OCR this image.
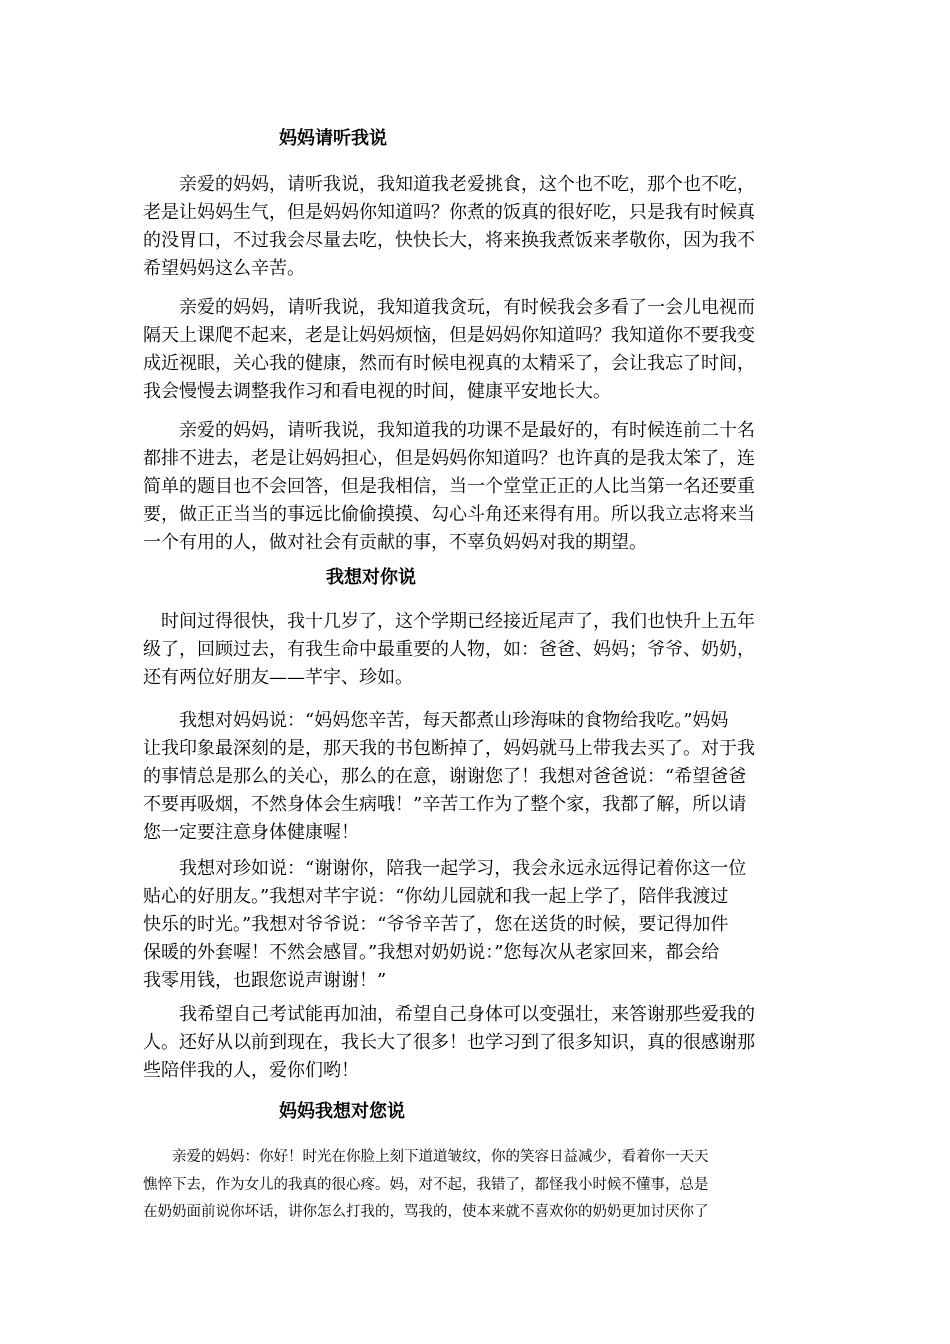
妈妈请听我说

　　亲爱的妈妈，请听我说，我知道我老爱挑食，这个也不吃，那个也不吃，
老是让妈妈生气，但是妈妈你知道吗？你煮的饭真的很好吃，只是我有时候真
的没胃口，不过我会尽量去吃，快快长大，将来换我煮饭来孝敬你，因为我不
希望妈妈这么辛苦。

　　亲爱的妈妈，请听我说，我知道我贪玩，有时候我会多看了一会儿电视而
隔天上课爬不起来，老是让妈妈烦恼，但是妈妈你知道吗？我知道你不要我变
成近视眼，关心我的健康，然而有时候电视真的太精采了，会让我忘了时间，
我会慢慢去调整我作习和看电视的时间，健康平安地长大。

　　亲爱的妈妈，请听我说，我知道我的功课不是最好的，有时候连前二十名
都排不进去，老是让妈妈担心，但是妈妈你知道吗？也许真的是我太笨了，连
简单的题目也不会回答，但是我相信，当一个堂堂正正的人比当第一名还要重
要，做正正当当的事远比偷偷摸摸、勾心斗角还来得有用。所以我立志将来当
一个有用的人，做对社会有贡献的事，不辜负妈妈对我的期望。

我想对你说

　时间过得很快，我十几岁了，这个学期已经接近尾声了，我们也快升上五年
级了，回顾过去，有我生命中最重要的人物，如：爸爸、妈妈；爷爷、奶奶，
还有两位好朋友——芊宇、珍如。

　　我想对妈妈说：“妈妈您辛苦，每天都煮山珍海味的食物给我吃。”妈妈
让我印象最深刻的是，那天我的书包断掉了，妈妈就马上带我去买了。对于我
的事情总是那么的关心，那么的在意，谢谢您了！我想对爸爸说：“希望爸爸
不要再吸烟，不然身体会生病哦！”辛苦工作为了整个家，我都了解，所以请
您一定要注意身体健康喔！

　　我想对珍如说：“谢谢你，陪我一起学习，我会永远永远得记着你这一位
贴心的好朋友。”我想对芊宇说：“你幼儿园就和我一起上学了，陪伴我渡过
快乐的时光。”我想对爷爷说：“爷爷辛苦了，您在送货的时候，要记得加件
保暖的外套喔！不然会感冒。”我想对奶奶说：”您每次从老家回来，都会给
我零用钱，也跟您说声谢谢！”

　　我希望自己考试能再加油，希望自己身体可以变强壮，来答谢那些爱我的
人。还好从以前到现在，我长大了很多！也学习到了很多知识，真的很感谢那
些陪伴我的人，爱你们哟！

妈妈我想对您说

　　亲爱的妈妈：你好！时光在你脸上刻下道道皱纹，你的笑容日益减少，看着你一天天
憔悴下去，作为女儿的我真的很心疼。妈，对不起，我错了，都怪我小时候不懂事，总是
在奶奶面前说你坏话，讲你怎么打我的，骂我的，使本来就不喜欢你的奶奶更加讨厌你了
